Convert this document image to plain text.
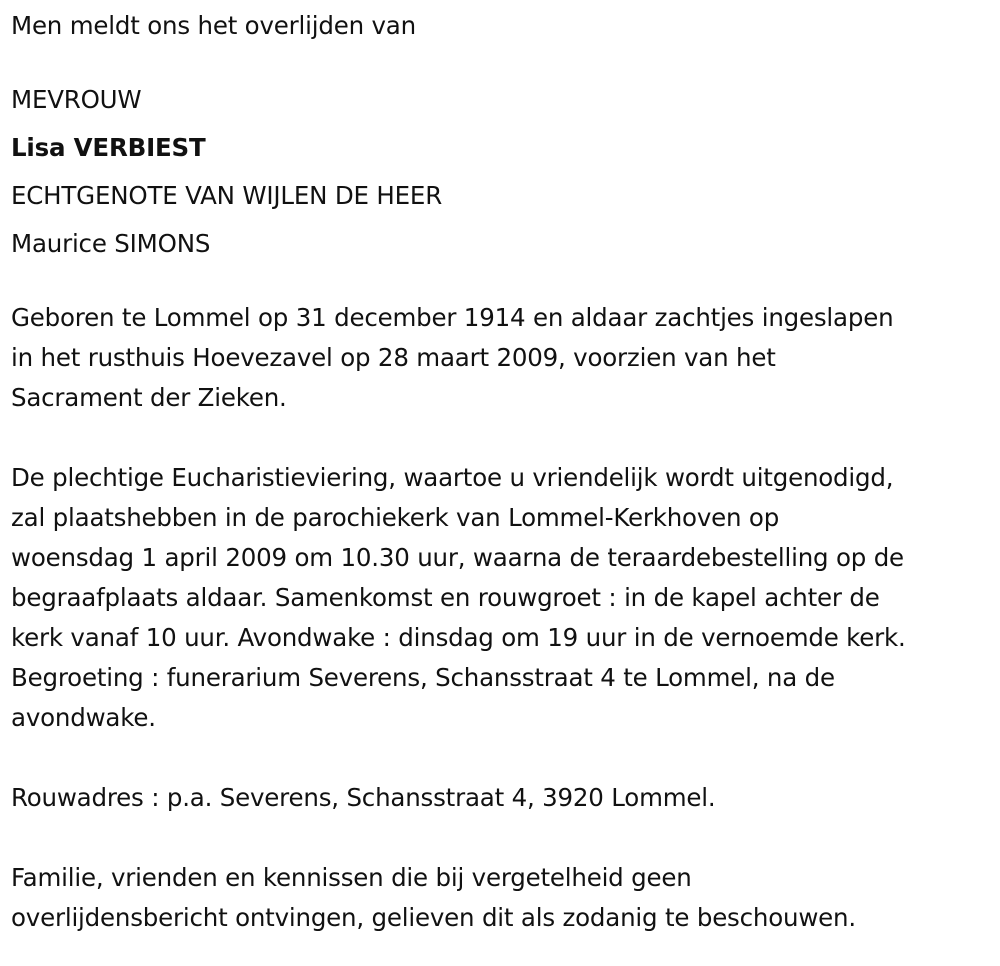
Men meldt ons het overlijden van

MEVROUW

Lisa VERBIEST

ECHTGENOTE VAN WIJLEN DE HEER

Maurice SIMONS

Geboren te Lommel op 31 december 1914 en aldaar zachtjes ingeslapen

in het rusthuis Hoevezavel op 28 maart 2009, voorzien van het

Sacrament der Zieken.

De plechtige Eucharistieviering, waartoe u vriendelijk wordt uitgenodigd,

zal plaatshebben in de parochiekerk van Lommel-Kerkhoven op

woensdag 1 april 2009 om 10.30 uur, waarna de teraardebestelling op de

begraafplaats aldaar. Samenkomst en rouwgroet : in de kapel achter de

kerk vanaf 10 uur. Avondwake : dinsdag om 19 uur in de vernoemde kerk.

Begroeting : funerarium Severens, Schansstraat 4 te Lommel, na de

avondwake.

Rouwadres : p.a. Severens, Schansstraat 4, 3920 Lommel.

Familie, vrienden en kennissen die bij vergetelheid geen

overlijdensbericht ontvingen, gelieven dit als zodanig te beschouwen.
